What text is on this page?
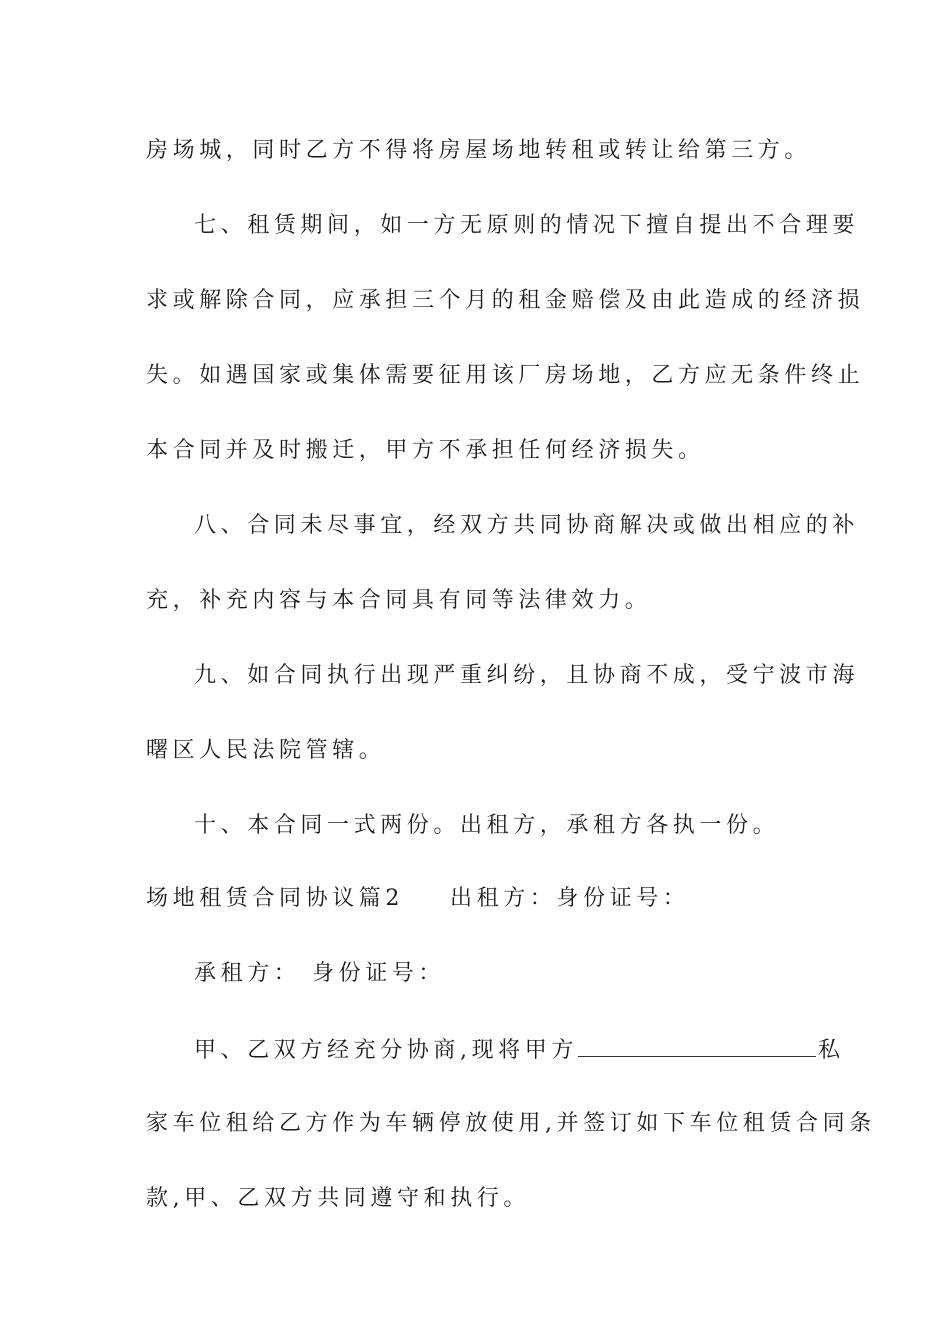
房场城，同时乙方不得将房屋场地转租或转让给第三方。
七、租赁期间，如一方无原则的情况下擅自提出不合理要
求或解除合同，应承担三个月的租金赔偿及由此造成的经济损
失。如遇国家或集体需要征用该厂房场地，乙方应无条件终止
本合同并及时搬迁，甲方不承担任何经济损失。
八、合同未尽事宜，经双方共同协商解决或做出相应的补
充，补充内容与本合同具有同等法律效力。
九、如合同执行出现严重纠纷，且协商不成，受宁波市海
曙区人民法院管辖。
十、本合同一式两份。出租方，承租方各执一份。
场地租赁合同协议篇2 出租方：身份证号：
承租方： 身份证号：
甲、乙双方经充分协商,现将甲方	私
家车位租给乙方作为车辆停放使用,并签订如下车位租赁合同条
款,甲、乙双方共同遵守和执行。
